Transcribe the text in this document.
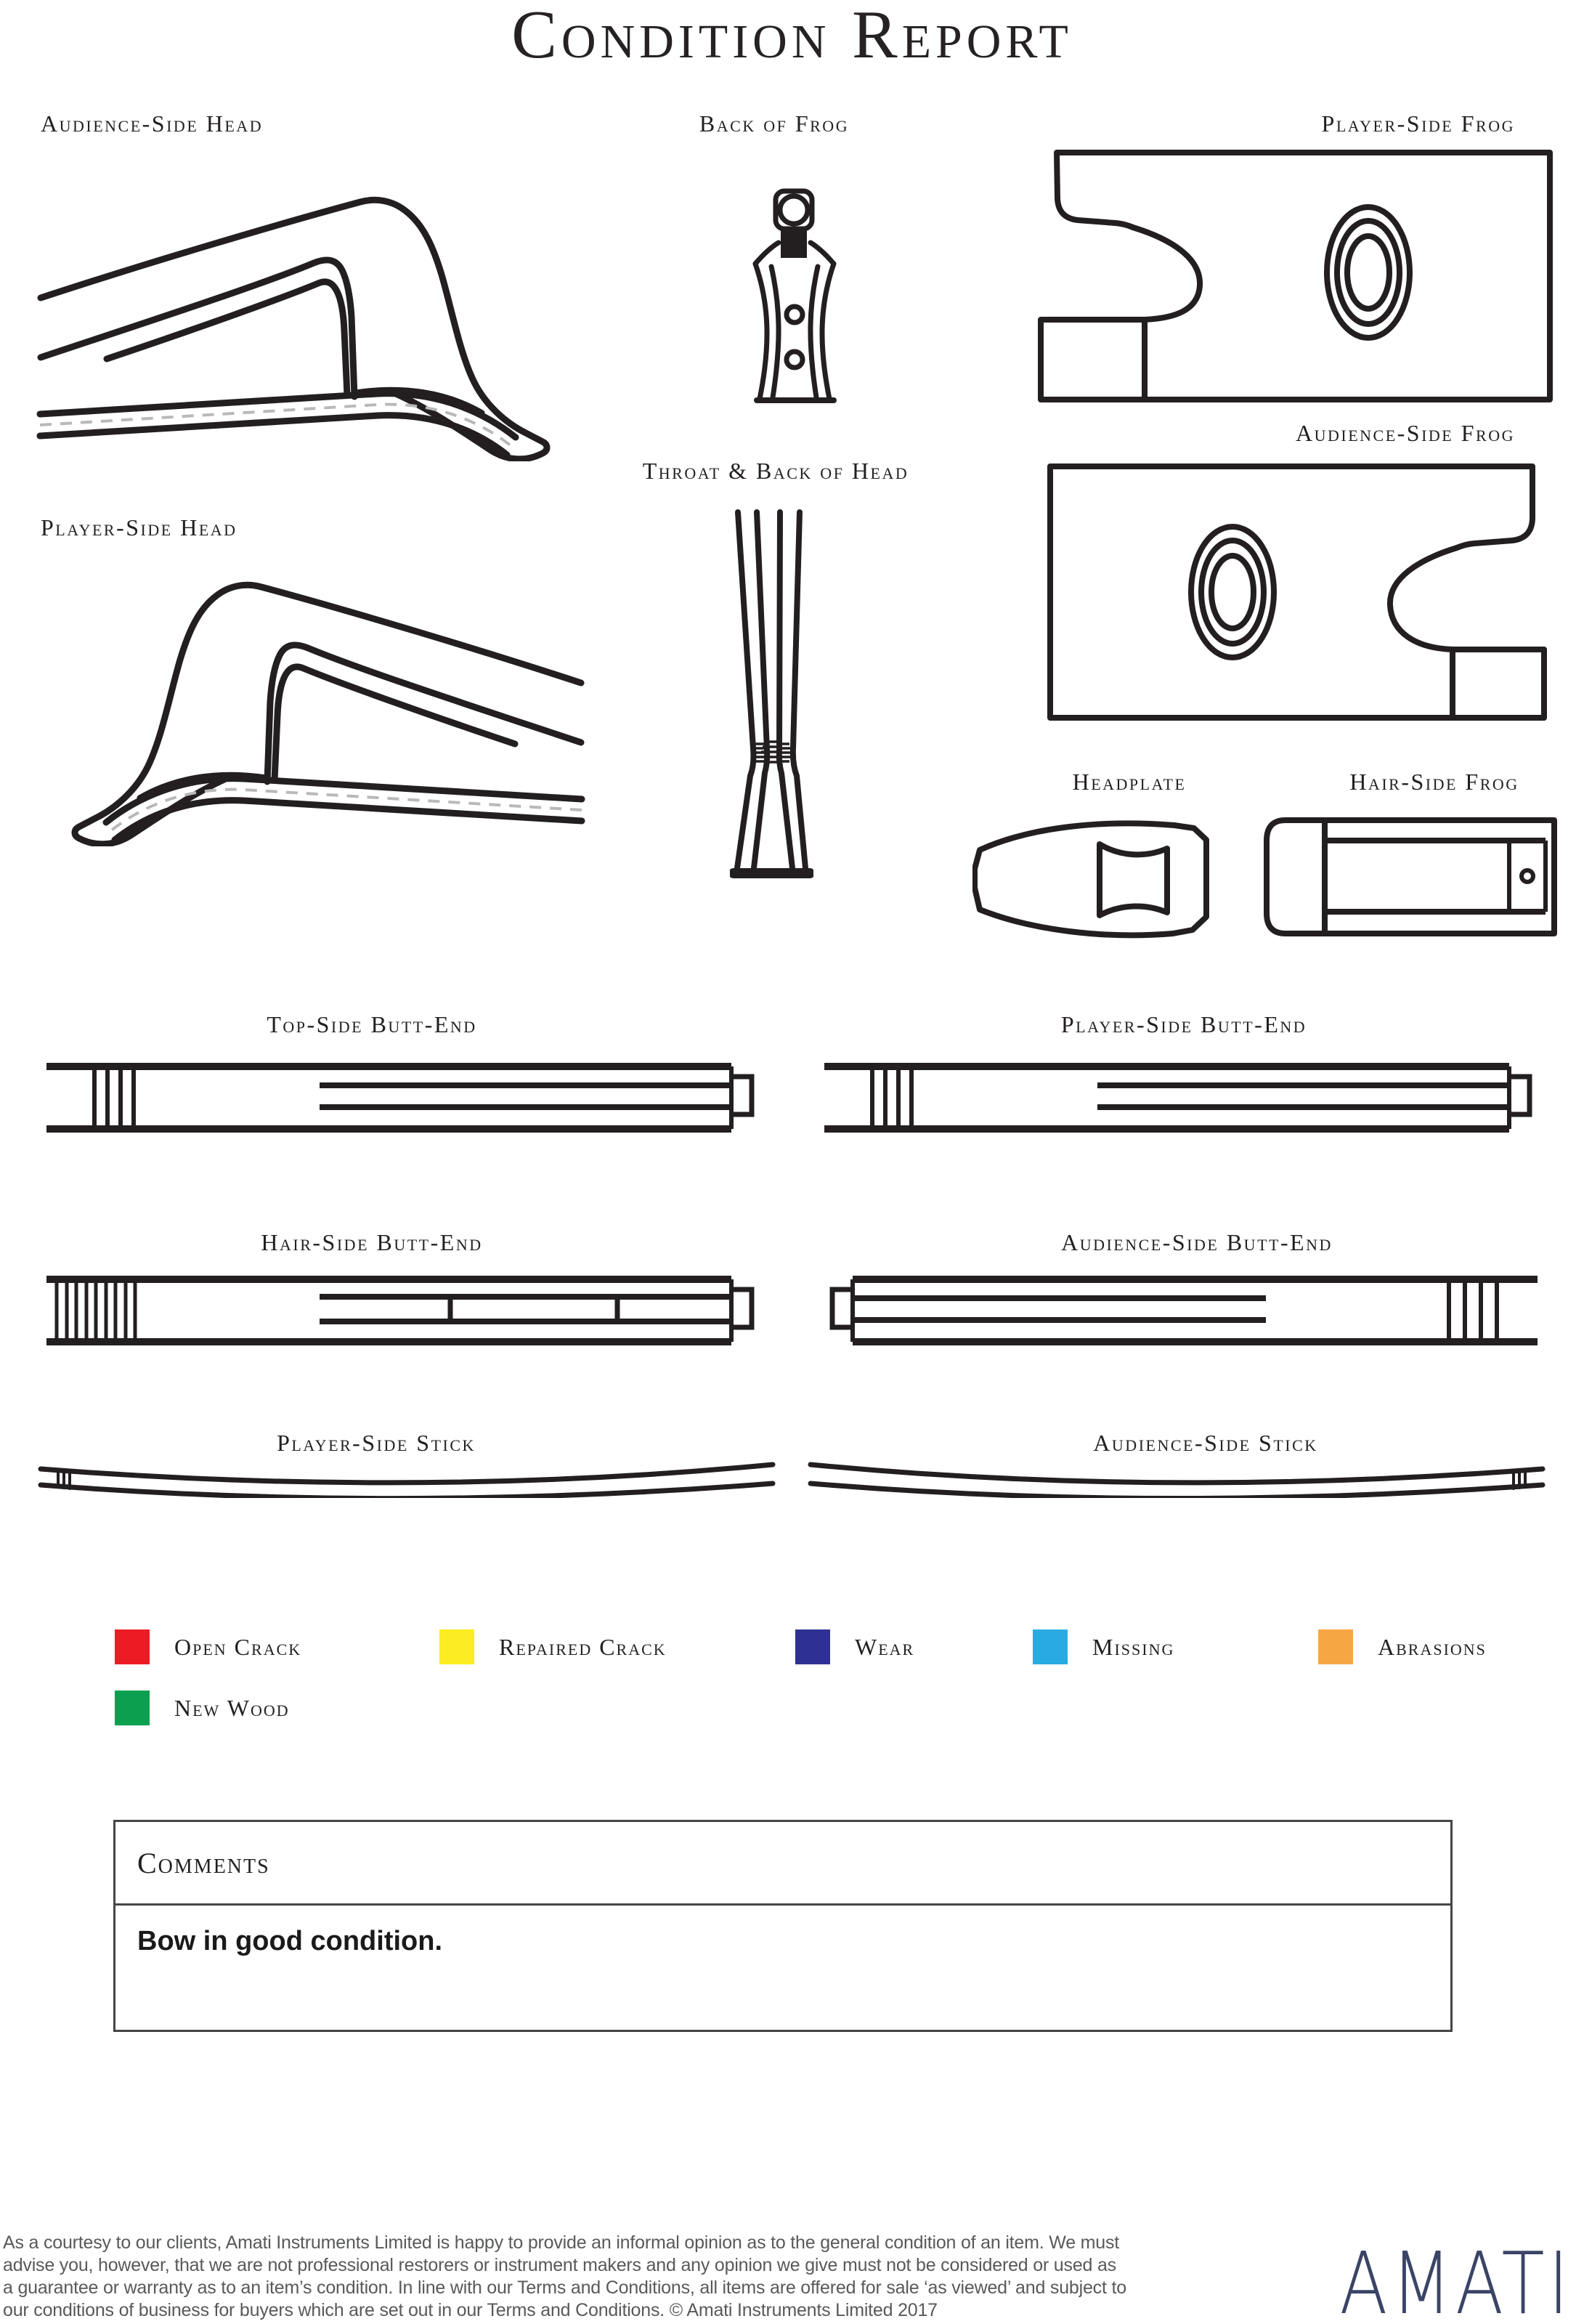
Condition Report
Audience-Side Head	Back of Frog	Player-Side Frog
Audience-Side Frog
Player-Side Head
Throat & Back of Head
Headplate	Hair-Side Frog
Top-Side Butt-End	Player-Side Butt-End
Hair-Side Butt-End	Audience-Side Butt-End
Player-Side Stick	Audience-Side Stick
Open Crack	Repaired Crack	Wear	Missing	Abrasions
New Wood
Comments
Bow in good condition.
As a courtesy to our clients, Amati Instruments Limited is happy to provide an informal opinion as to the general condition of an item. We must
advise you, however, that we are not professional restorers or instrument makers and any opinion we give must not be considered or used as
a guarantee or warranty as to an item’s condition. In line with our Terms and Conditions, all items are offered for sale ‘as viewed’ and subject to
our conditions of business for buyers which are set out in our Terms and Conditions. © Amati Instruments Limited 2017	AMATI
